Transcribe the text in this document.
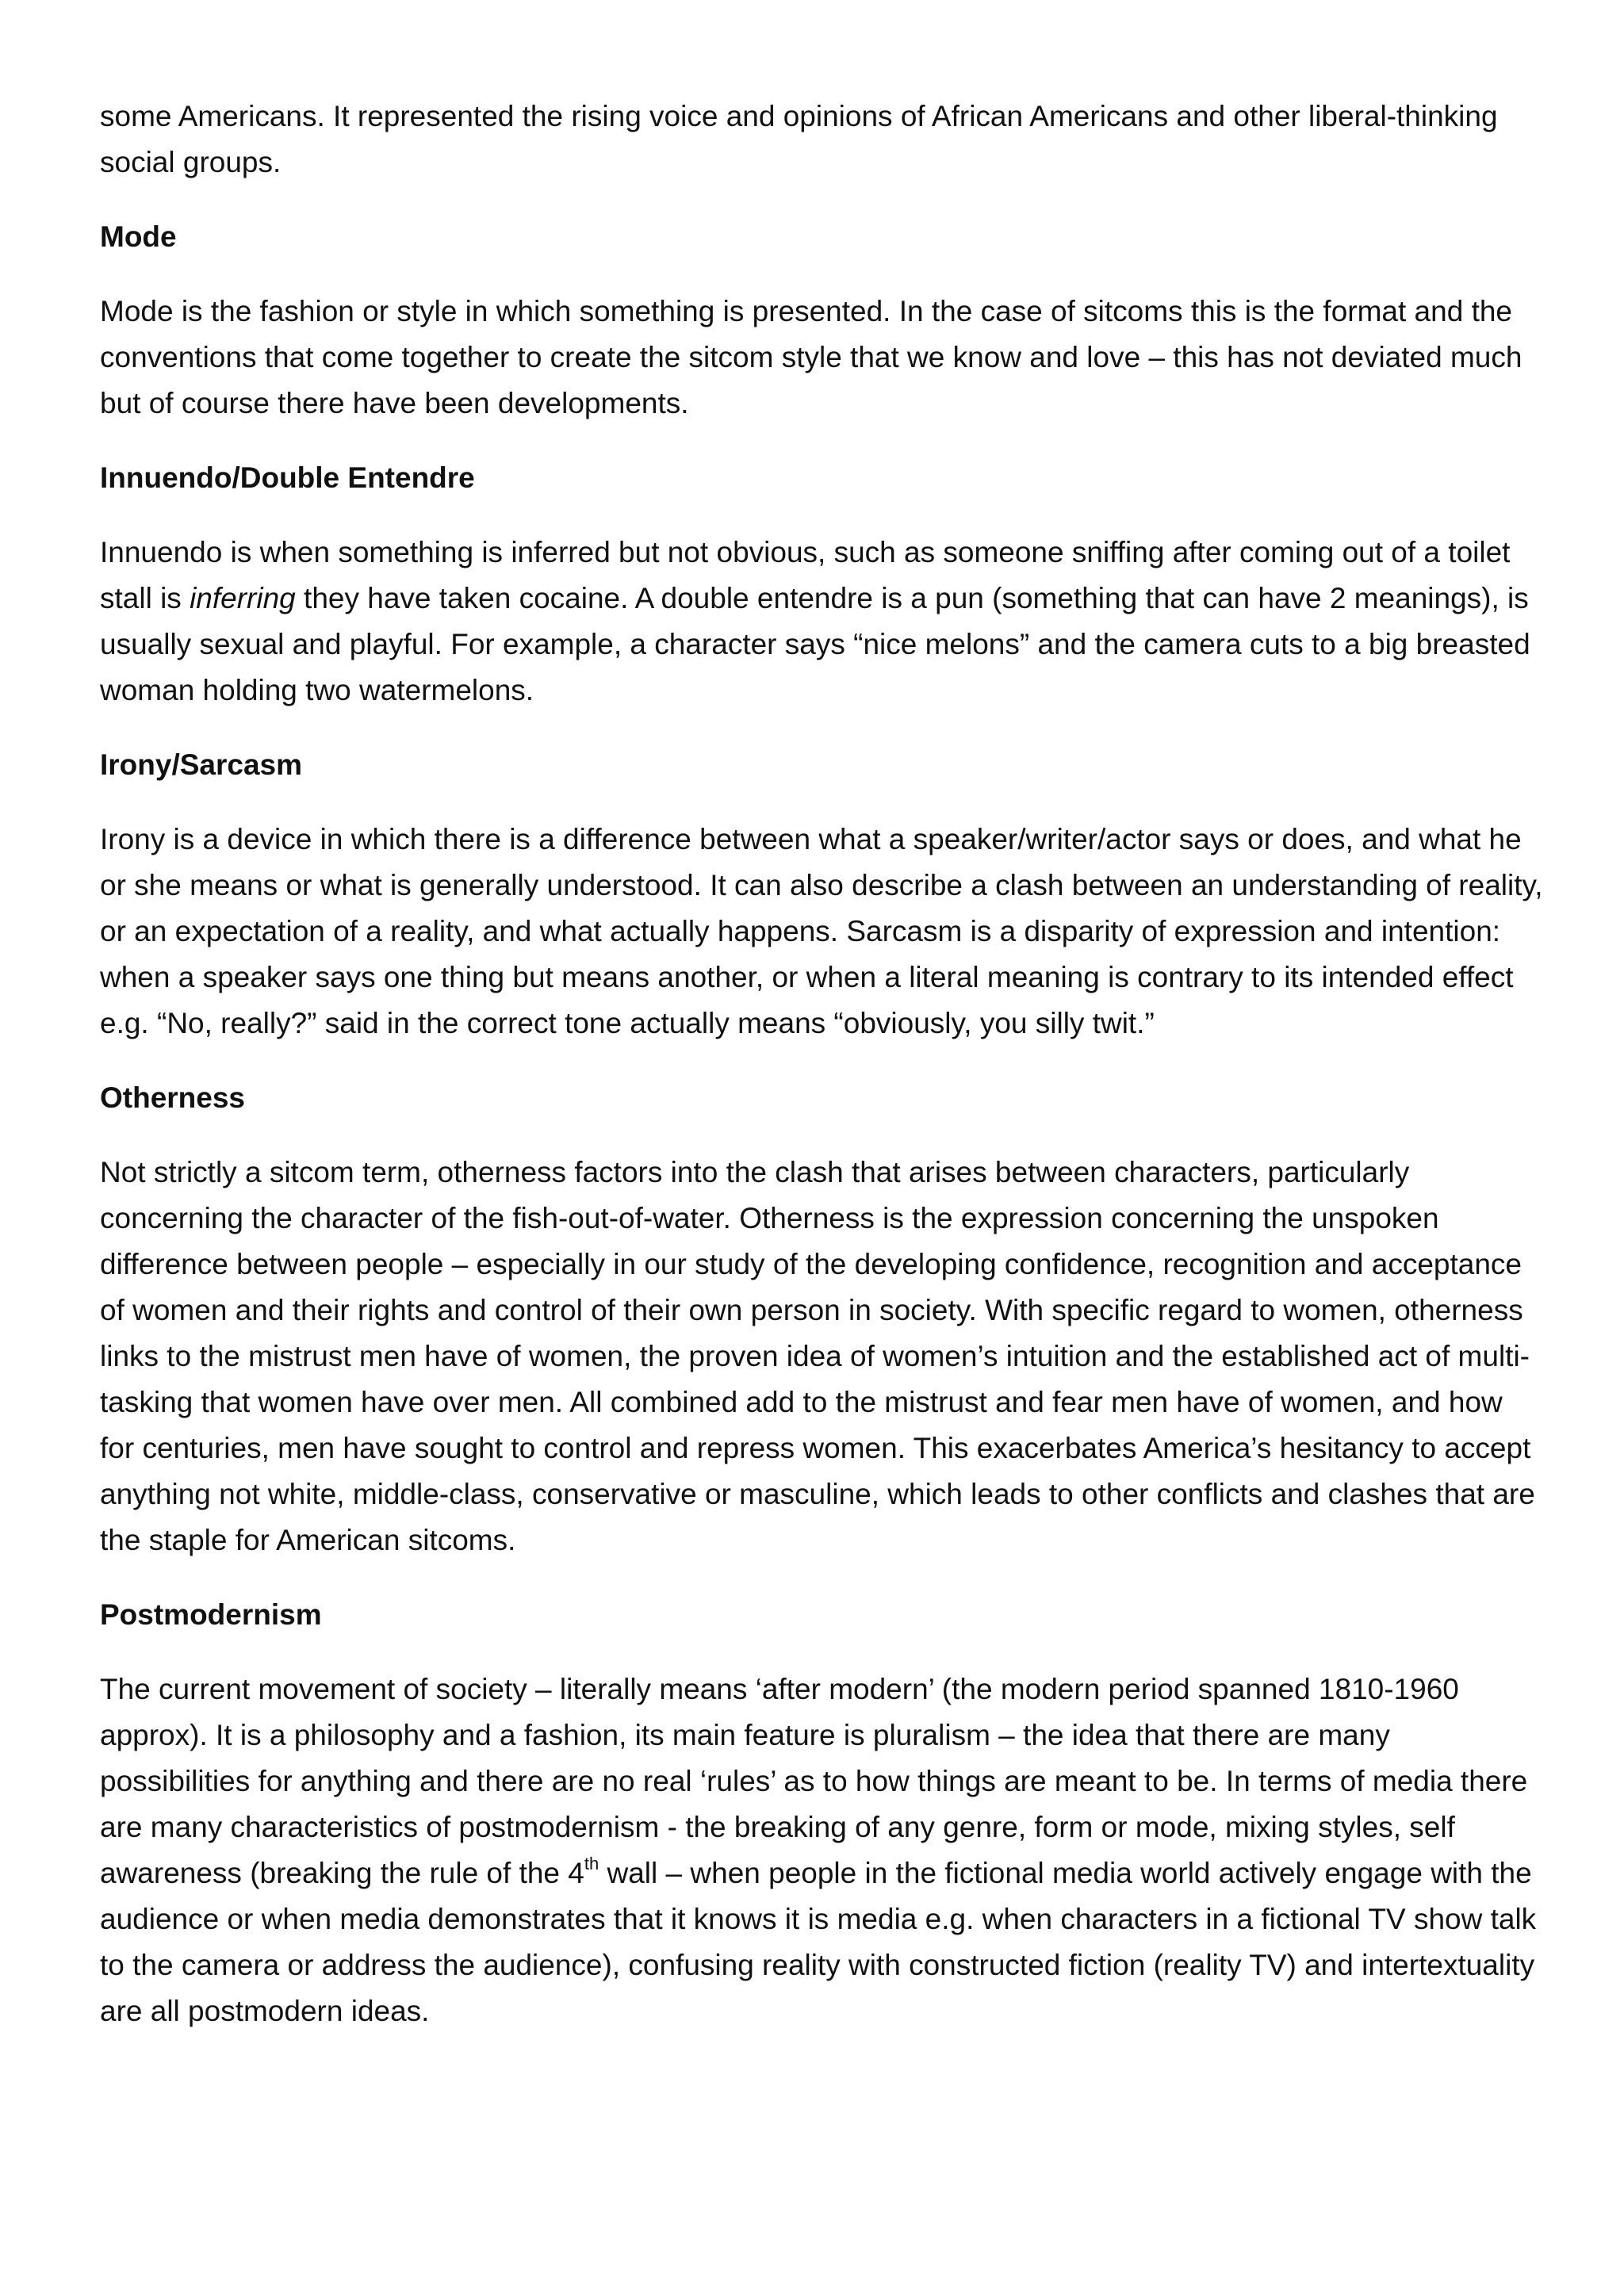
some Americans. It represented the rising voice and opinions of African Americans and other liberal-thinking social groups.

Mode

Mode is the fashion or style in which something is presented. In the case of sitcoms this is the format and the conventions that come together to create the sitcom style that we know and love – this has not deviated much but of course there have been developments.

Innuendo/Double Entendre

Innuendo is when something is inferred but not obvious, such as someone sniffing after coming out of a toilet stall is inferring they have taken cocaine. A double entendre is a pun (something that can have 2 meanings), is usually sexual and playful. For example, a character says “nice melons” and the camera cuts to a big breasted woman holding two watermelons.

Irony/Sarcasm

Irony is a device in which there is a difference between what a speaker/writer/actor says or does, and what he or she means or what is generally understood. It can also describe a clash between an understanding of reality, or an expectation of a reality, and what actually happens. Sarcasm is a disparity of expression and intention: when a speaker says one thing but means another, or when a literal meaning is contrary to its intended effect e.g. “No, really?” said in the correct tone actually means “obviously, you silly twit.”

Otherness

Not strictly a sitcom term, otherness factors into the clash that arises between characters, particularly concerning the character of the fish-out-of-water. Otherness is the expression concerning the unspoken difference between people – especially in our study of the developing confidence, recognition and acceptance of women and their rights and control of their own person in society. With specific regard to women, otherness links to the mistrust men have of women, the proven idea of women’s intuition and the established act of multi-tasking that women have over men. All combined add to the mistrust and fear men have of women, and how for centuries, men have sought to control and repress women. This exacerbates America’s hesitancy to accept anything not white, middle-class, conservative or masculine, which leads to other conflicts and clashes that are the staple for American sitcoms.

Postmodernism

The current movement of society – literally means ‘after modern’ (the modern period spanned 1810-1960 approx). It is a philosophy and a fashion, its main feature is pluralism – the idea that there are many possibilities for anything and there are no real ‘rules’ as to how things are meant to be. In terms of media there are many characteristics of postmodernism - the breaking of any genre, form or mode, mixing styles, self awareness (breaking the rule of the 4th wall – when people in the fictional media world actively engage with the audience or when media demonstrates that it knows it is media e.g. when characters in a fictional TV show talk to the camera or address the audience), confusing reality with constructed fiction (reality TV) and intertextuality are all postmodern ideas.
